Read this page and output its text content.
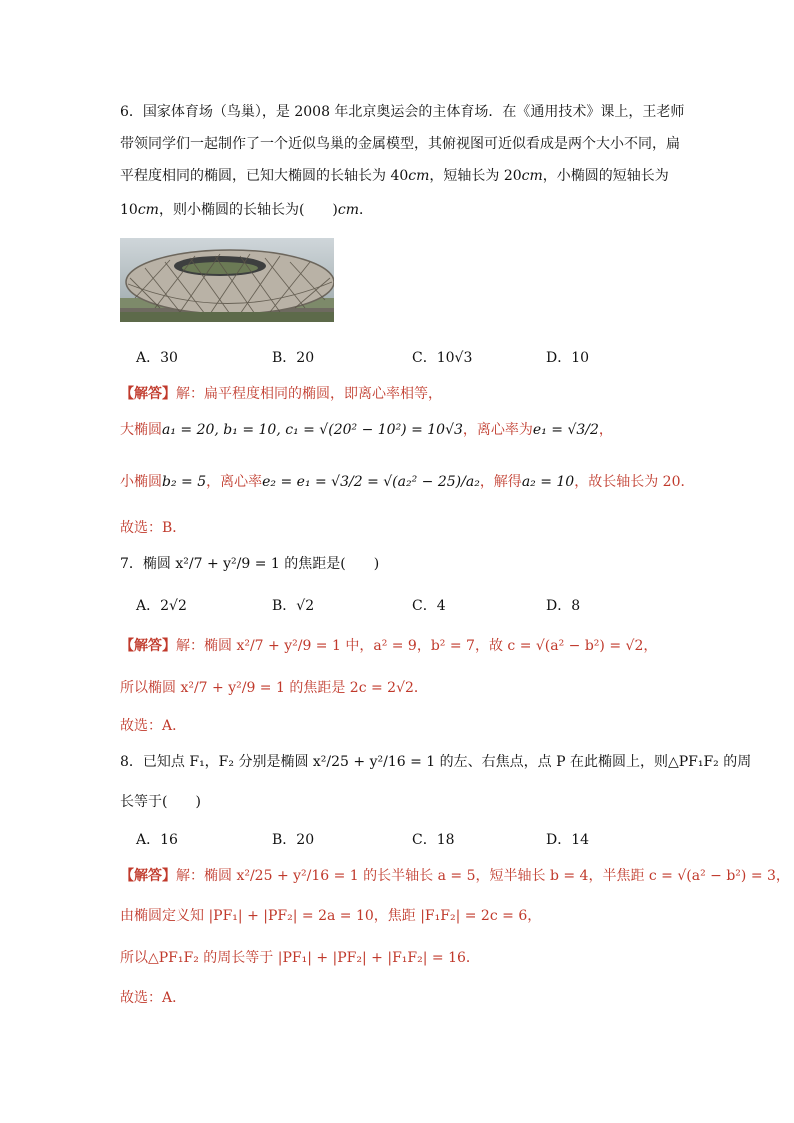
6．国家体育场（鸟巢），是 2008 年北京奥运会的主体育场．在《通用技术》课上，王老师
带领同学们一起制作了一个近似鸟巢的金属模型，其俯视图可近似看成是两个大小不同，扁
平程度相同的椭圆，已知大椭圆的长轴长为 40cm，短轴长为 20cm，小椭圆的短轴长为
10cm，则小椭圆的长轴长为(　　)cm．
A．30	B．20	C．10√3	D．10
【解答】解：扁平程度相同的椭圆，即离心率相等，
大椭圆a₁ = 20, b₁ = 10, c₁ = √(20² − 10²) = 10√3，离心率为e₁ = √3/2，
小椭圆b₂ = 5，离心率e₂ = e₁ = √3/2 = √(a₂² − 25)/a₂，解得a₂ = 10，故长轴长为 20．
故选：B．
7．椭圆 x²/7 + y²/9 = 1 的焦距是(　　)
A．2√2	B．√2	C．4	D．8
【解答】解：椭圆 x²/7 + y²/9 = 1 中，a² = 9，b² = 7，故 c = √(a² − b²) = √2，
所以椭圆 x²/7 + y²/9 = 1 的焦距是 2c = 2√2．
故选：A．
8．已知点 F₁，F₂ 分别是椭圆 x²/25 + y²/16 = 1 的左、右焦点，点 P 在此椭圆上，则△PF₁F₂ 的周
长等于(　　)
A．16	B．20	C．18	D．14
【解答】解：椭圆 x²/25 + y²/16 = 1 的长半轴长 a = 5，短半轴长 b = 4，半焦距 c = √(a² − b²) = 3，
由椭圆定义知 |PF₁| + |PF₂| = 2a = 10，焦距 |F₁F₂| = 2c = 6，
所以△PF₁F₂ 的周长等于 |PF₁| + |PF₂| + |F₁F₂| = 16．
故选：A．
